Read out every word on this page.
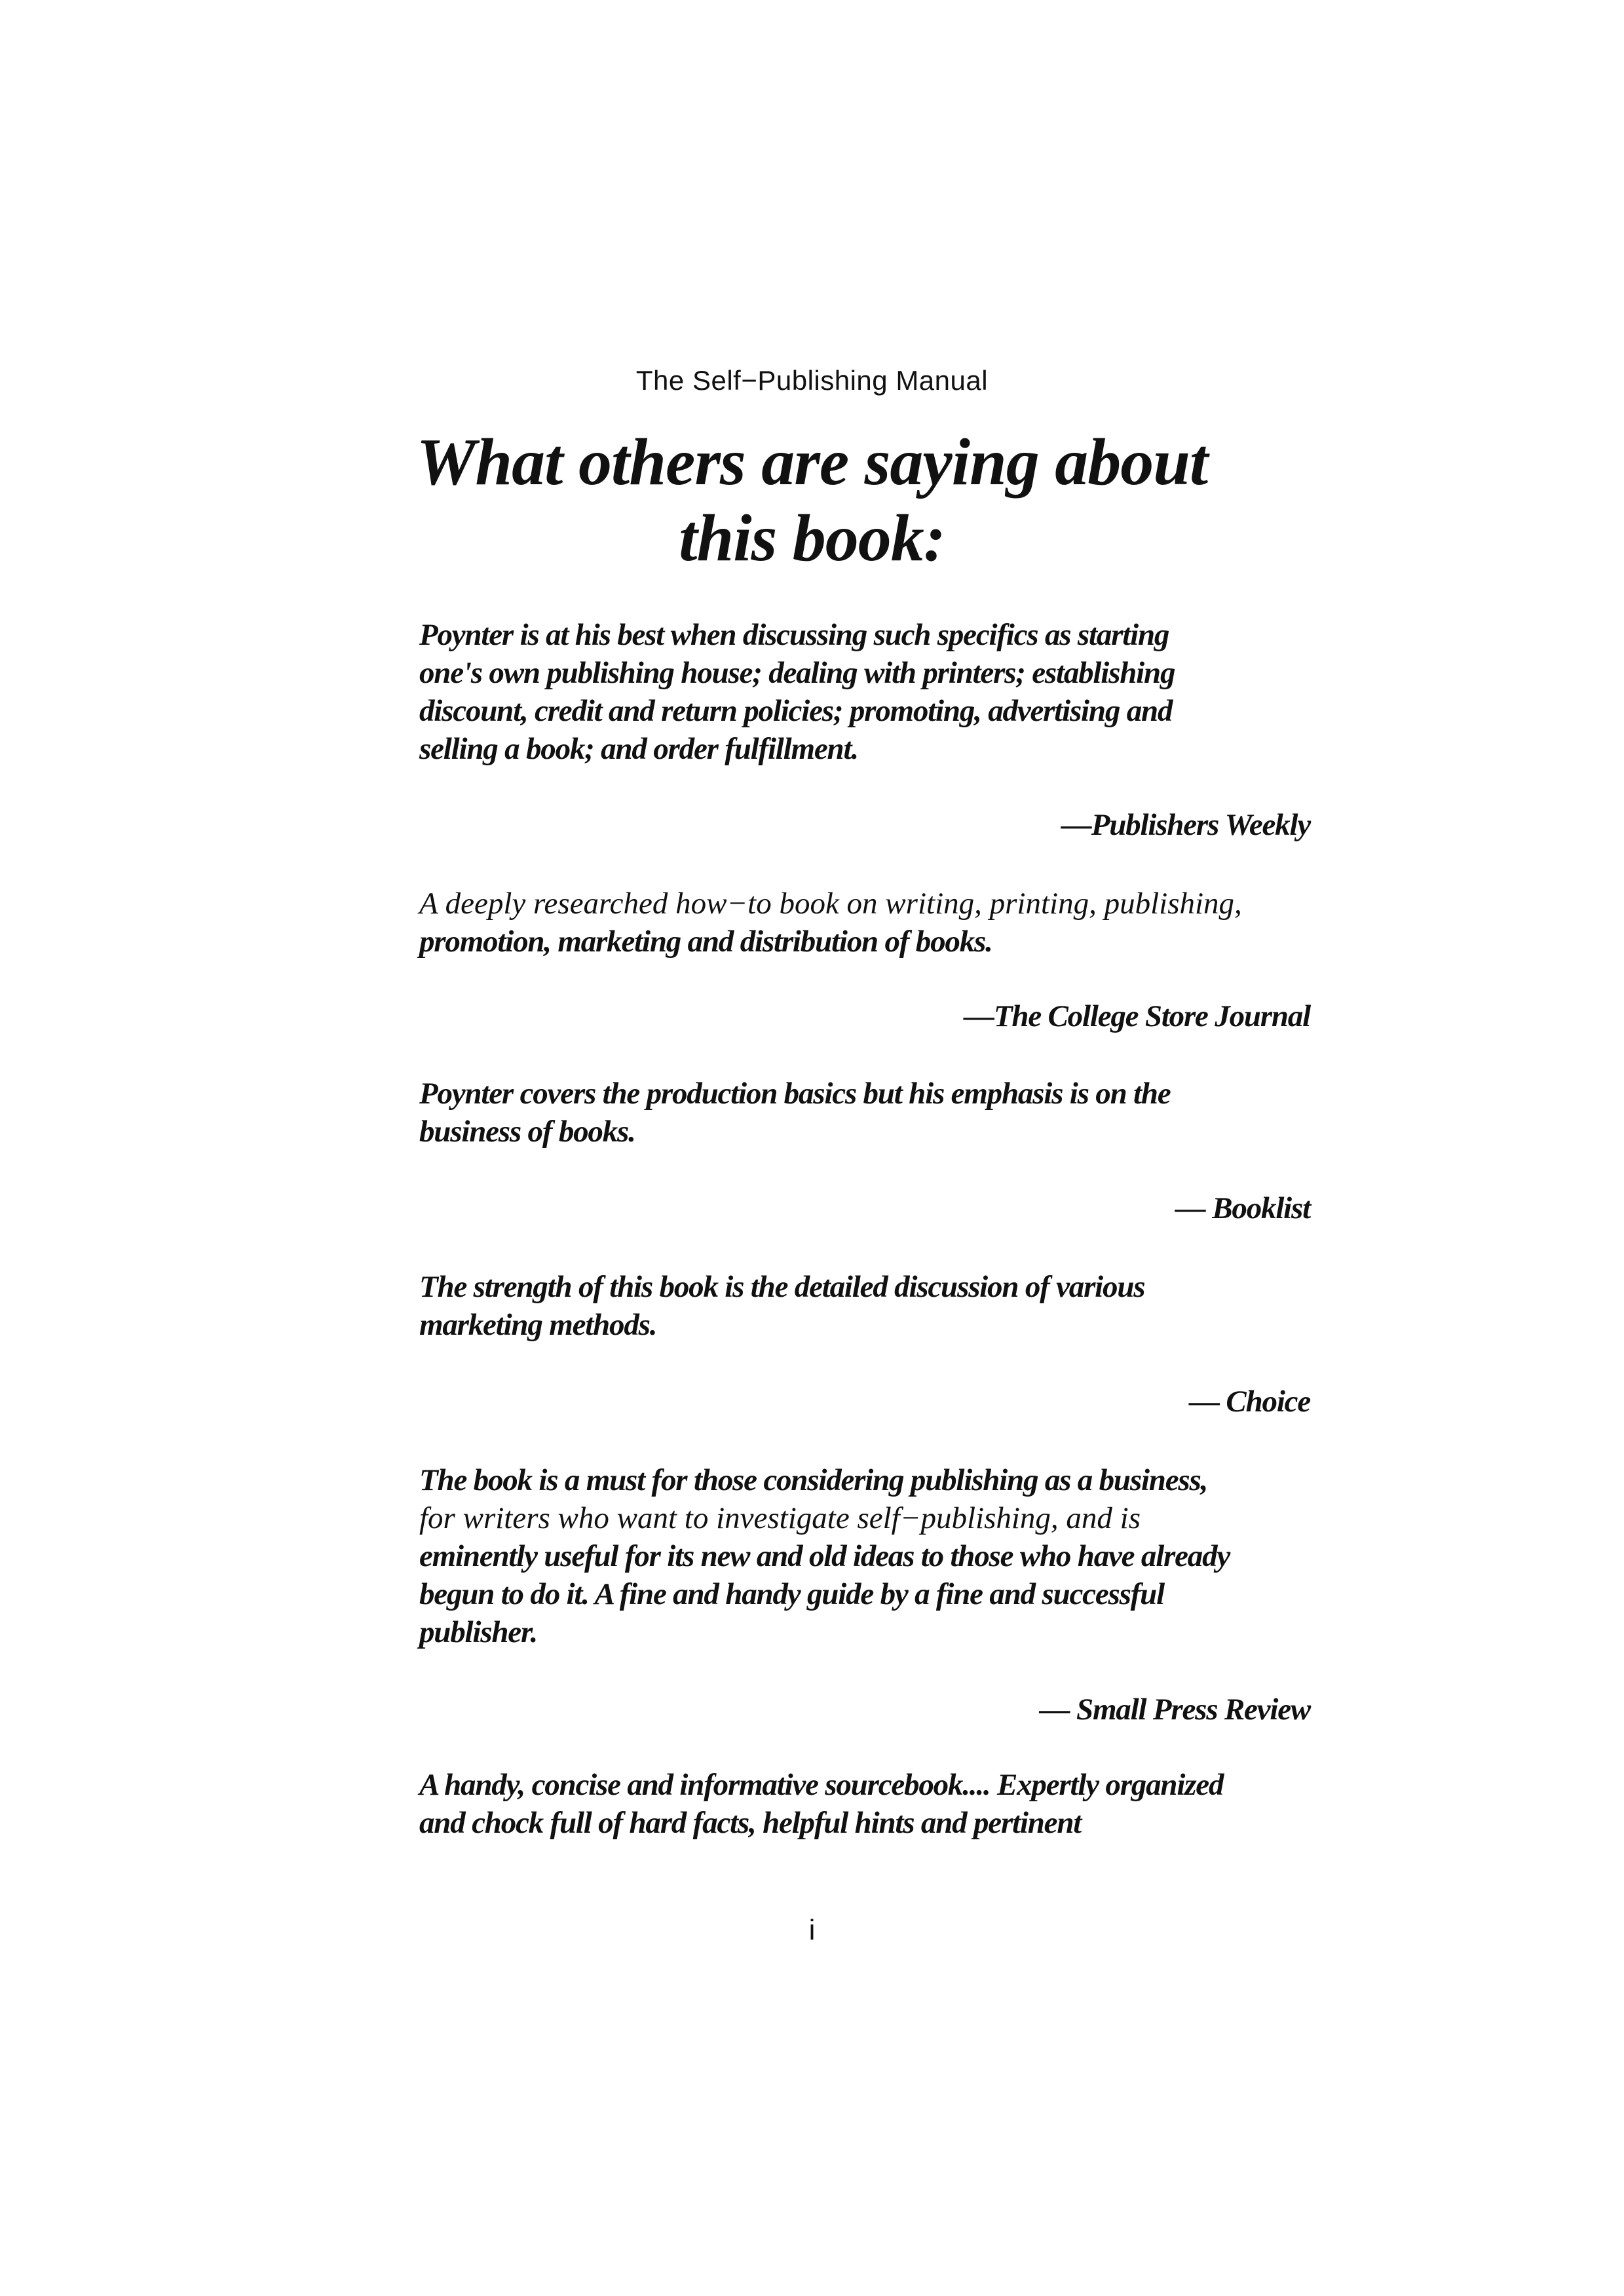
The Self−Publishing Manual
What others are saying about
this book:

Poynter is at his best when discussing such specifics as starting
one's own publishing house; dealing with printers; establishing
discount, credit and return policies; promoting, advertising and
selling a book; and order fulfillment.

—Publishers Weekly

A deeply researched how−to book on writing, printing, publishing,
promotion, marketing and distribution of books.

—The College Store Journal

Poynter covers the production basics but his emphasis is on the
business of books.

— Booklist

The strength of this book is the detailed discussion of various
marketing methods.

— Choice

The book is a must for those considering publishing as a business,
for writers who want to investigate self−publishing, and is
eminently useful for its new and old ideas to those who have already
begun to do it. A fine and handy guide by a fine and successful
publisher.

— Small Press Review

A handy, concise and informative sourcebook.... Expertly organized
and chock full of hard facts, helpful hints and pertinent

i
